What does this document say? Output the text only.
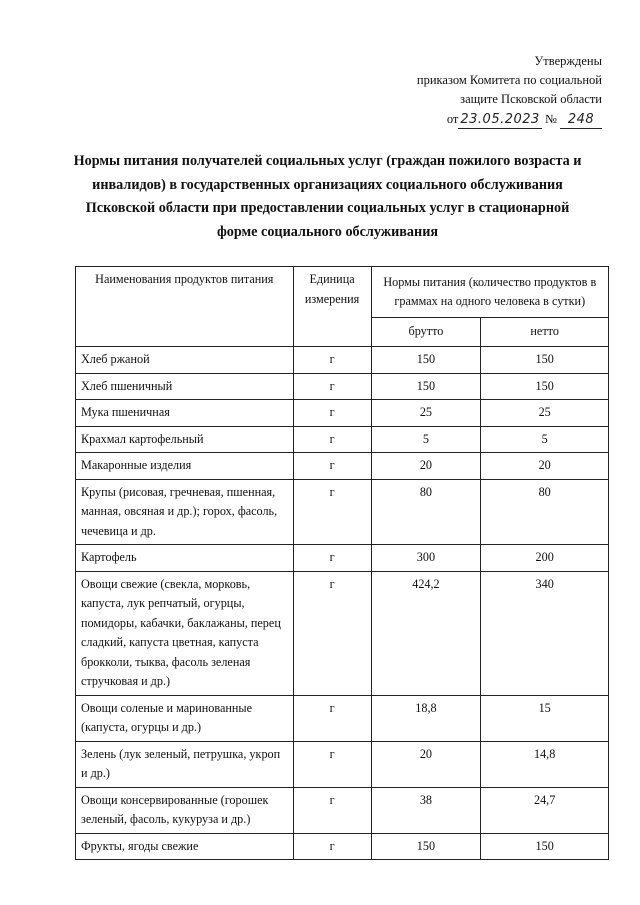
Утверждены
приказом Комитета по социальной
защите Псковской области
от 23.05.2023 № 248
Нормы питания получателей социальных услуг (граждан пожилого возраста и инвалидов) в государственных организациях социального обслуживания Псковской области при предоставлении социальных услуг в стационарной форме социального обслуживания
Наименования продуктов питания	Единица измерения	Нормы питания (количество продуктов в граммах на одного человека в сутки)	
		брутто	нетто
Хлеб ржаной	г	150	150
Хлеб пшеничный	г	150	150
Мука пшеничная	г	25	25
Крахмал картофельный	г	5	5
Макаронные изделия	г	20	20
Крупы (рисовая, гречневая, пшенная, манная, овсяная и др.); горох, фасоль, чечевица и др.	г	80	80
Картофель	г	300	200
Овощи свежие (свекла, морковь, капуста, лук репчатый, огурцы, помидоры, кабачки, баклажаны, перец сладкий, капуста цветная, капуста брокколи, тыква, фасоль зеленая стручковая и др.)	г	424,2	340
Овощи соленые и маринованные (капуста, огурцы и др.)	г	18,8	15
Зелень (лук зеленый, петрушка, укроп и др.)	г	20	14,8
Овощи консервированные (горошек зеленый, фасоль, кукуруза и др.)	г	38	24,7
Фрукты, ягоды свежие	г	150	150
